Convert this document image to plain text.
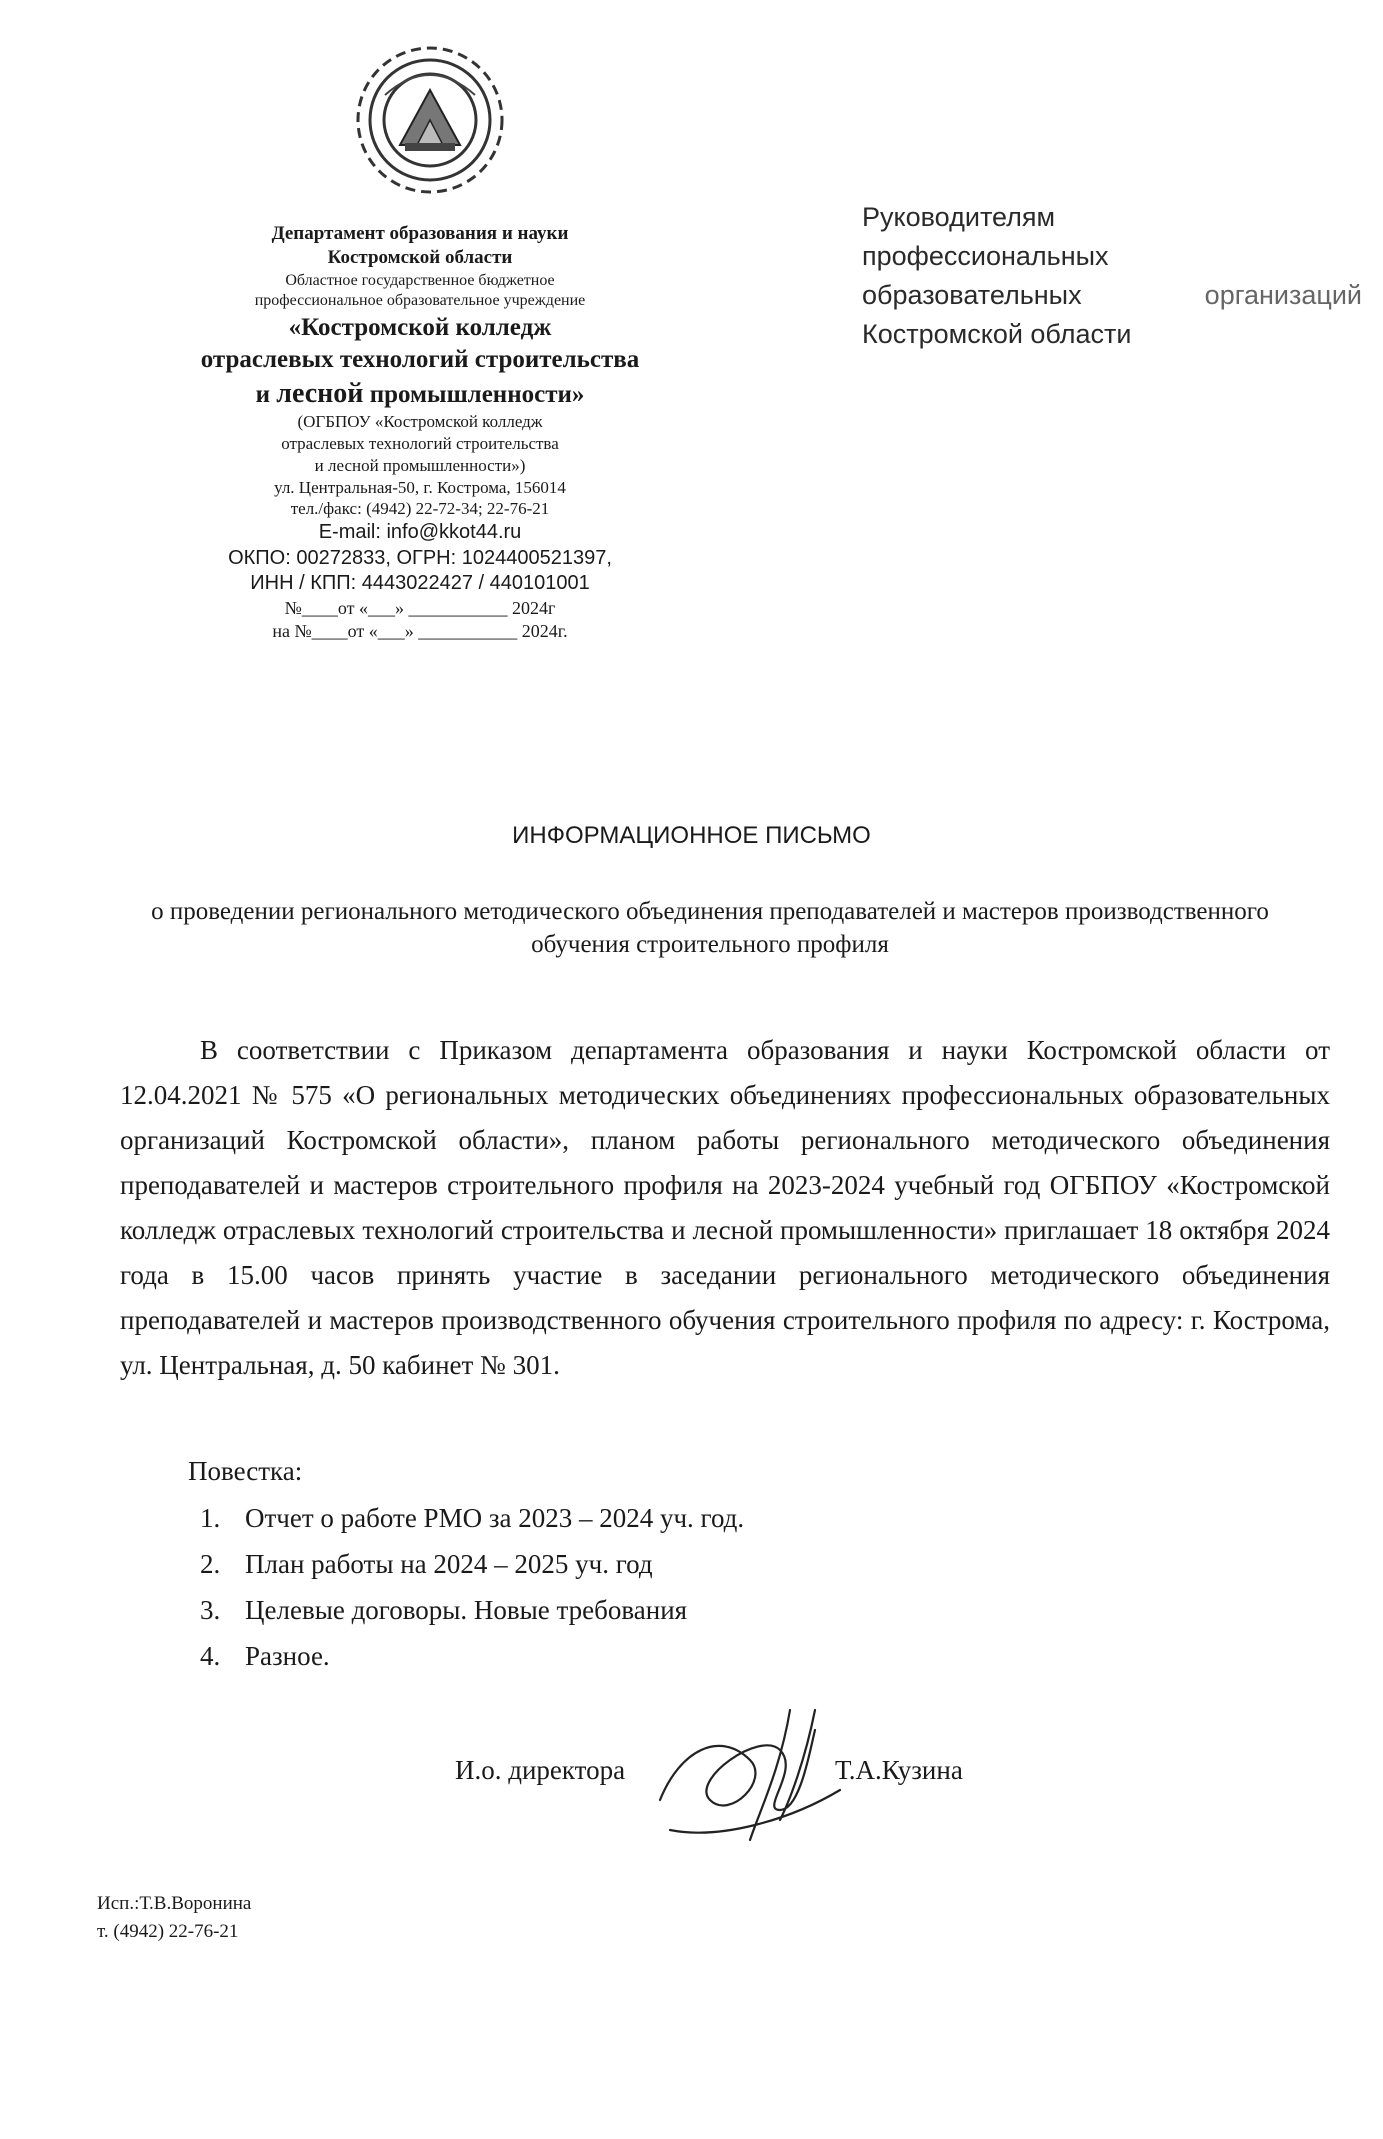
Департамент образования и науки
Костромской области
Областное государственное бюджетное
профессиональное образовательное учреждение
«Костромской колледж
отраслевых технологий строительства
и лесной промышленности»
(ОГБПОУ «Костромской колледж
отраслевых технологий строительства
и лесной промышленности»)
ул. Центральная-50, г. Кострома, 156014
тел./факс: (4942) 22-72-34; 22-76-21
E-mail: info@kkot44.ru
ОКПО: 00272833, ОГРН: 1024400521397,
ИНН / КПП: 4443022427 / 440101001
№____от «___» ___________ 2024г
на №____от «___» ___________ 2024г.
Руководителям
профессиональных
образовательных	организаций
Костромской области
ИНФОРМАЦИОННОЕ ПИСЬМО
о проведении регионального методического объединения преподавателей и мастеров производственного обучения строительного профиля

В соответствии с Приказом департамента образования и науки Костромской области от 12.04.2021 № 575 «О региональных методических объединениях профессиональных образовательных организаций Костромской области», планом работы регионального методического объединения преподавателей и мастеров строительного профиля на 2023-2024 учебный год ОГБПОУ «Костромской колледж отраслевых технологий строительства и лесной промышленности» приглашает 18 октября 2024 года в 15.00 часов принять участие в заседании регионального методического объединения преподавателей и мастеров производственного обучения строительного профиля по адресу: г. Кострома, ул. Центральная, д. 50 кабинет № 301.

Повестка:
1. Отчет о работе РМО за 2023 – 2024 уч. год.
2. План работы на 2024 – 2025 уч. год
3. Целевые договоры. Новые требования
4. Разное.
И.о. директора	Т.А.Кузина
Исп.:Т.В.Воронина
т. (4942) 22-76-21
